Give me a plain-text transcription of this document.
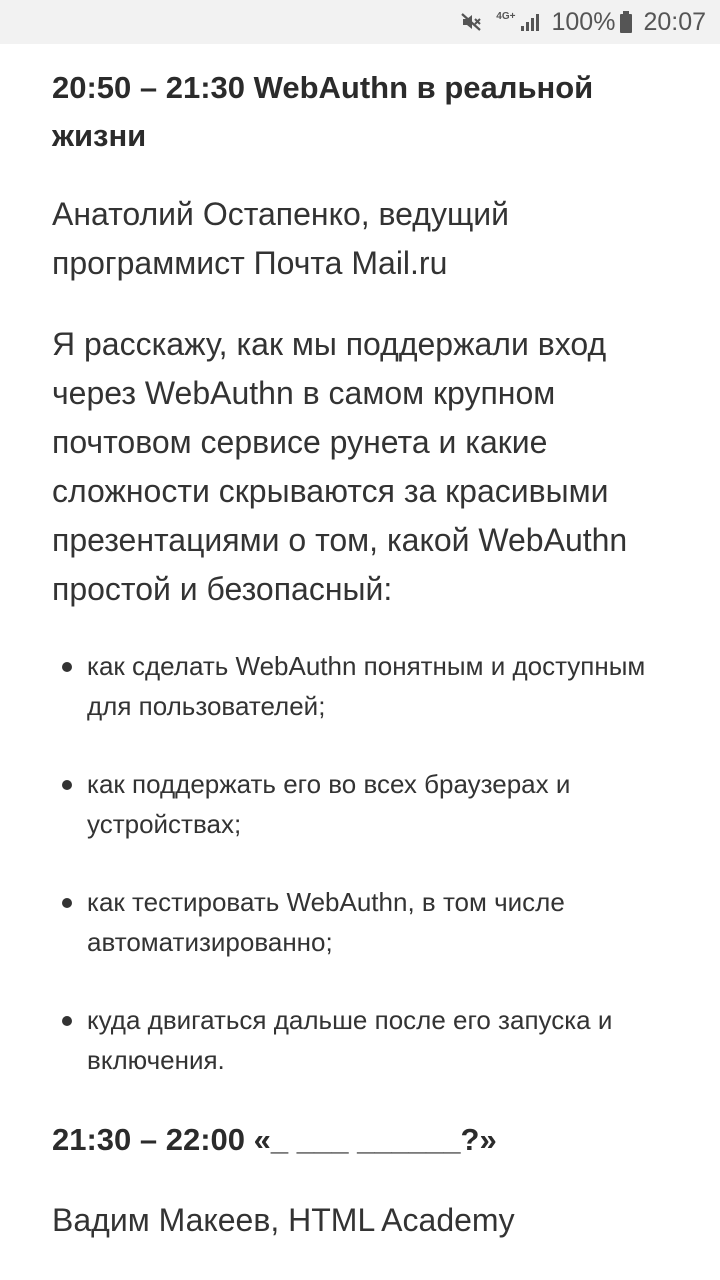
4G+ 100% 20:07
20:50 – 21:30 WebAuthn в реальной жизни
Анатолий Остапенко, ведущий программист Почта Mail.ru
Я расскажу, как мы поддержали вход через WebAuthn в самом крупном почтовом сервисе рунета и какие сложности скрываются за красивыми презентациями о том, какой WebAuthn простой и безопасный:
как сделать WebAuthn понятным и доступным для пользователей;
как поддержать его во всех браузерах и устройствах;
как тестировать WebAuthn, в том числе автоматизированно;
куда двигаться дальше после его запуска и включения.
21:30 – 22:00 «_ ___ ______?»
Вадим Макеев, HTML Academy
